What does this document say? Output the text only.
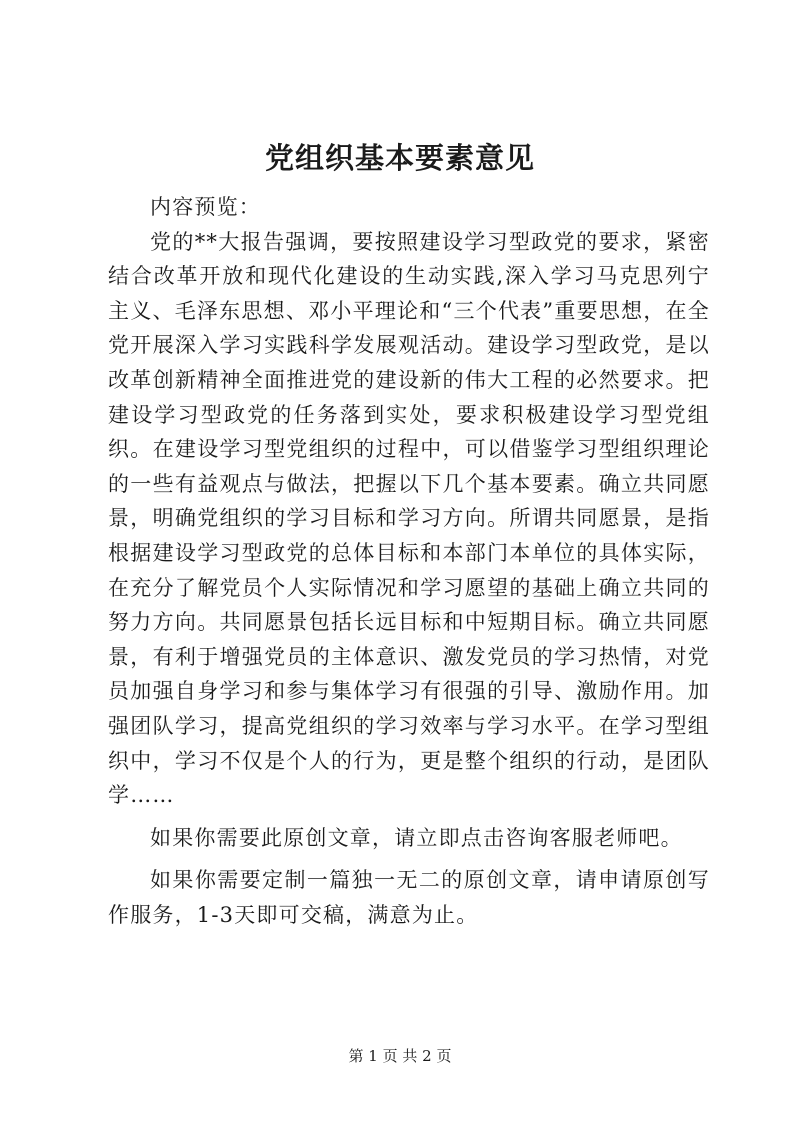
党组织基本要素意见

内容预览：

党的**大报告强调，要按照建设学习型政党的要求，紧密结合改革开放和现代化建设的生动实践,深入学习马克思列宁主义、毛泽东思想、邓小平理论和“三个代表”重要思想，在全党开展深入学习实践科学发展观活动。建设学习型政党，是以改革创新精神全面推进党的建设新的伟大工程的必然要求。把建设学习型政党的任务落到实处，要求积极建设学习型党组织。在建设学习型党组织的过程中，可以借鉴学习型组织理论的一些有益观点与做法，把握以下几个基本要素。确立共同愿景，明确党组织的学习目标和学习方向。所谓共同愿景，是指根据建设学习型政党的总体目标和本部门本单位的具体实际，在充分了解党员个人实际情况和学习愿望的基础上确立共同的努力方向。共同愿景包括长远目标和中短期目标。确立共同愿景，有利于增强党员的主体意识、激发党员的学习热情，对党员加强自身学习和参与集体学习有很强的引导、激励作用。加强团队学习，提高党组织的学习效率与学习水平。在学习型组织中，学习不仅是个人的行为，更是整个组织的行动，是团队学……

如果你需要此原创文章，请立即点击咨询客服老师吧。

如果你需要定制一篇独一无二的原创文章，请申请原创写作服务，1-3天即可交稿，满意为止。

第 1 页 共 2 页
